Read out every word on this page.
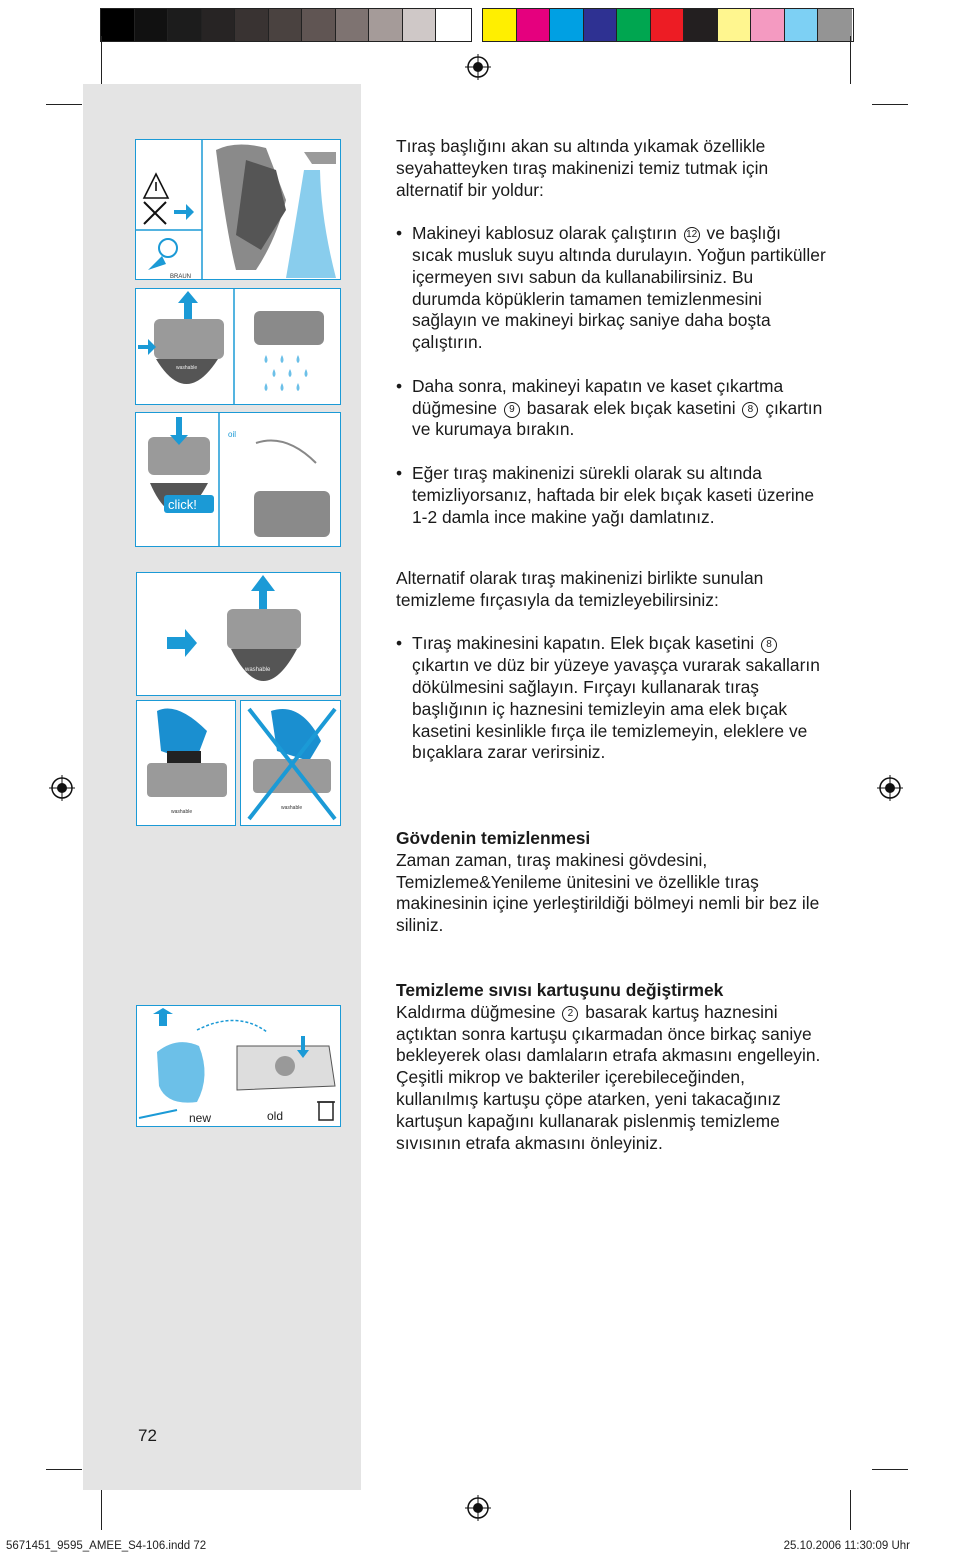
BRAUN
washable
click!
oil
washable
washable
washable
new	old

Tıraş başlığını akan su altında yıkamak özellikle seyahatteyken tıraş makinenizi temiz tutmak için alternatif bir yoldur:

• Makineyi kablosuz olarak çalıştırın 12 ve başlığı sıcak musluk suyu altında durulayın. Yoğun partiküller içermeyen sıvı sabun da kullanabilirsiniz. Bu durumda köpüklerin tamamen temizlenmesini sağlayın ve makineyi birkaç saniye daha boşta çalıştırın.

• Daha sonra, makineyi kapatın ve kaset çıkartma düğmesine 9 basarak elek bıçak kasetini 8 çıkartın ve kurumaya bırakın.

• Eğer tıraş makinenizi sürekli olarak su altında temizliyorsanız, haftada bir elek bıçak kaseti üzerine 1-2 damla ince makine yağı damlatınız.

Alternatif olarak tıraş makinenizi birlikte sunulan temizleme fırçasıyla da temizleyebilirsiniz:

• Tıraş makinesini kapatın. Elek bıçak kasetini 8 çıkartın ve düz bir yüzeye yavaşça vurarak sakalların dökülmesini sağlayın. Fırçayı kullanarak tıraş başlığının iç haznesini temizleyin ama elek bıçak kasetini kesinlikle fırça ile temizlemeyin, eleklere ve bıçaklara zarar verirsiniz.

Gövdenin temizlenmesi

Zaman zaman, tıraş makinesi gövdesini, Temizleme&Yenileme ünitesini ve özellikle tıraş makinesinin içine yerleştirildiği bölmeyi nemli bir bez ile siliniz.

Temizleme sıvısı kartuşunu değiştirmek

Kaldırma düğmesine 2 basarak kartuş haznesini açtıktan sonra kartuşu çıkarmadan önce birkaç saniye bekleyerek olası damlaların etrafa akmasını engelleyin.

Çeşitli mikrop ve bakteriler içerebileceğinden, kullanılmış kartuşu çöpe atarken, yeni takacağınız kartuşun kapağını kullanarak pislenmiş temizleme sıvısının etrafa akmasını önleyiniz.

72
5671451_9595_AMEE_S4-106.indd 72	25.10.2006 11:30:09 Uhr
